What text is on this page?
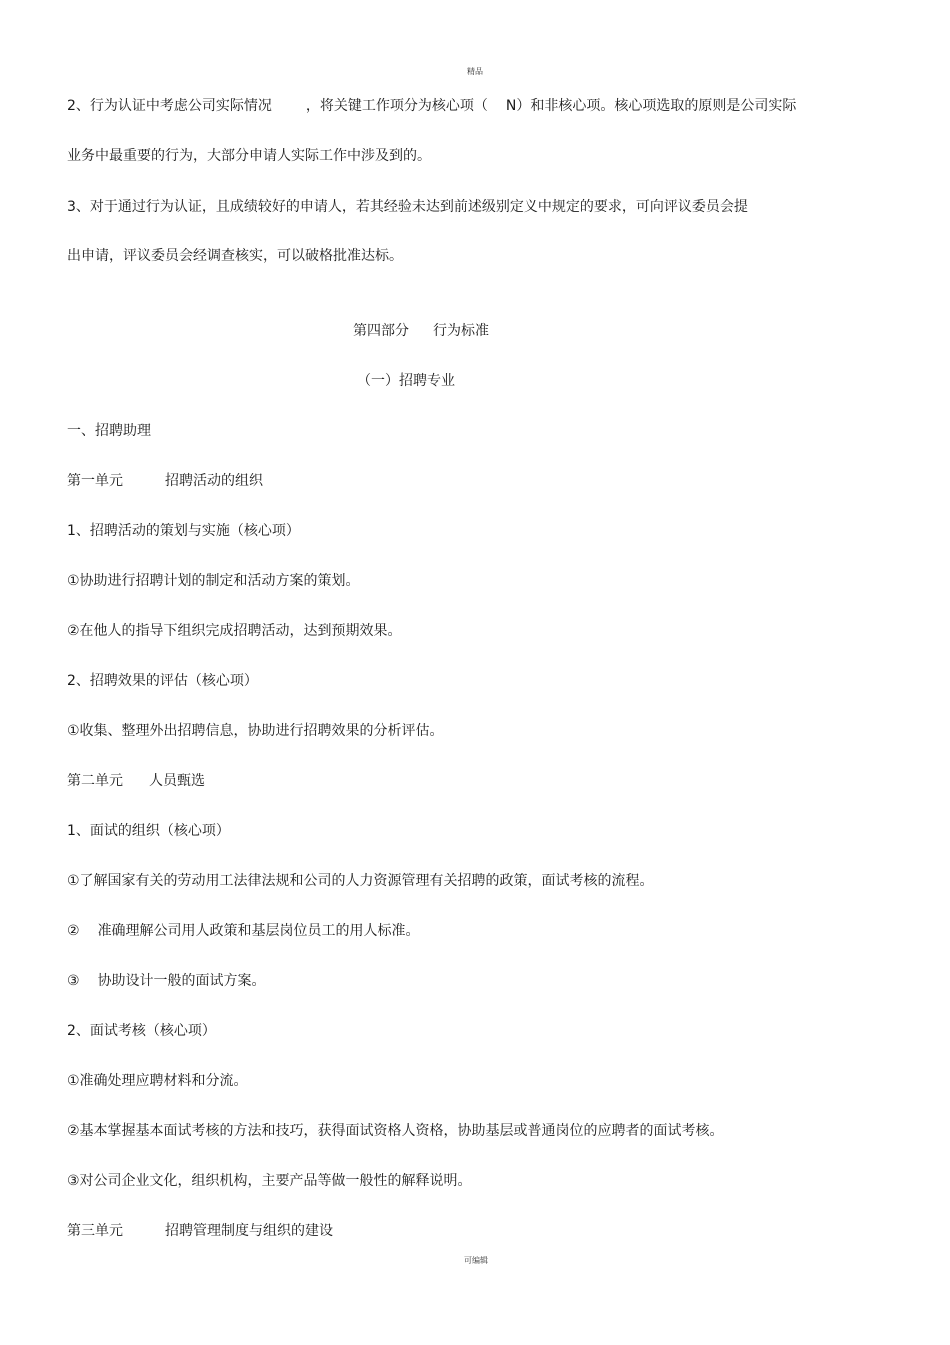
精品
2、行为认证中考虑公司实际情况 ，将关键工作项分为核心项（ N）和非核心项。核心项选取的原则是公司实际
业务中最重要的行为，大部分申请人实际工作中涉及到的。
3、对于通过行为认证，且成绩较好的申请人，若其经验未达到前述级别定义中规定的要求，可向评议委员会提
出申请，评议委员会经调查核实，可以破格批准达标。
第四部分 行为标准
（一）招聘专业
一、招聘助理
第一单元	招聘活动的组织
1、招聘活动的策划与实施（核心项）
①协助进行招聘计划的制定和活动方案的策划。
②在他人的指导下组织完成招聘活动，达到预期效果。
2、招聘效果的评估（核心项）
①收集、整理外出招聘信息，协助进行招聘效果的分析评估。
第二单元 人员甄选
1、面试的组织（核心项）
①了解国家有关的劳动用工法律法规和公司的人力资源管理有关招聘的政策，面试考核的流程。
② 准确理解公司用人政策和基层岗位员工的用人标准。
③ 协助设计一般的面试方案。
2、面试考核（核心项）
①准确处理应聘材料和分流。
②基本掌握基本面试考核的方法和技巧，获得面试资格人资格，协助基层或普通岗位的应聘者的面试考核。
③对公司企业文化，组织机构，主要产品等做一般性的解释说明。
第三单元	招聘管理制度与组织的建设
可编辑
